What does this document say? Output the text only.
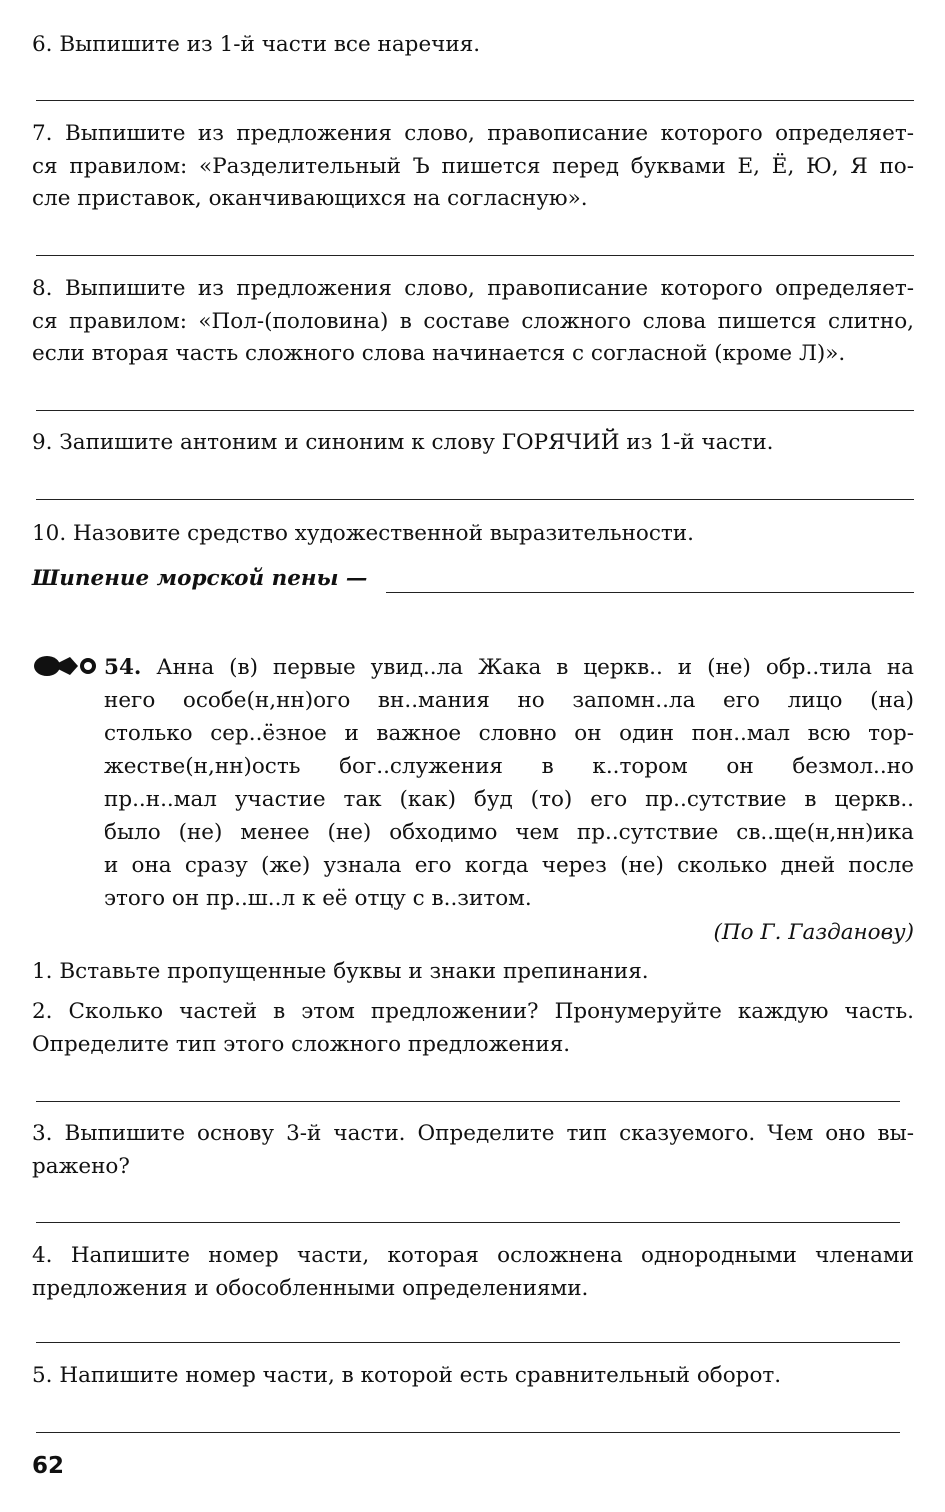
6. Выпишите из 1-й части все наречия.
7. Выпишите из предложения слово, правописание которого определяет-
ся правилом: «Разделительный Ъ пишется перед буквами Е, Ё, Ю, Я по-
сле приставок, оканчивающихся на согласную».
8. Выпишите из предложения слово, правописание которого определяет-
ся правилом: «Пол-(половина) в составе сложного слова пишется слитно,
если вторая часть сложного слова начинается с согласной (кроме Л)».
9. Запишите антоним и синоним к слову ГОРЯЧИЙ из 1-й части.
10. Назовите средство художественной выразительности.
Шипение морской пены —
54. Анна (в) первые увид..ла Жака в церкв.. и (не) обр..тила на
него особе(н,нн)ого вн..мания но запомн..ла его лицо (на)
столько сер..ёзное и важное словно он один пон..мал всю тор-
жестве(н,нн)ость бог..служения в к..тором он безмол..но
пр..н..мал участие так (как) буд (то) его пр..сутствие в церкв..
было (не) менее (не) обходимо чем пр..сутствие св..ще(н,нн)ика
и она сразу (же) узнала его когда через (не) сколько дней после
этого он пр..ш..л к её отцу с в..зитом.
(По Г. Газданову)
1. Вставьте пропущенные буквы и знаки препинания.
2. Сколько частей в этом предложении? Пронумеруйте каждую часть.
Определите тип этого сложного предложения.
3. Выпишите основу 3-й части. Определите тип сказуемого. Чем оно вы-
ражено?
4. Напишите номер части, которая осложнена однородными членами
предложения и обособленными определениями.
5. Напишите номер части, в которой есть сравнительный оборот.
62
